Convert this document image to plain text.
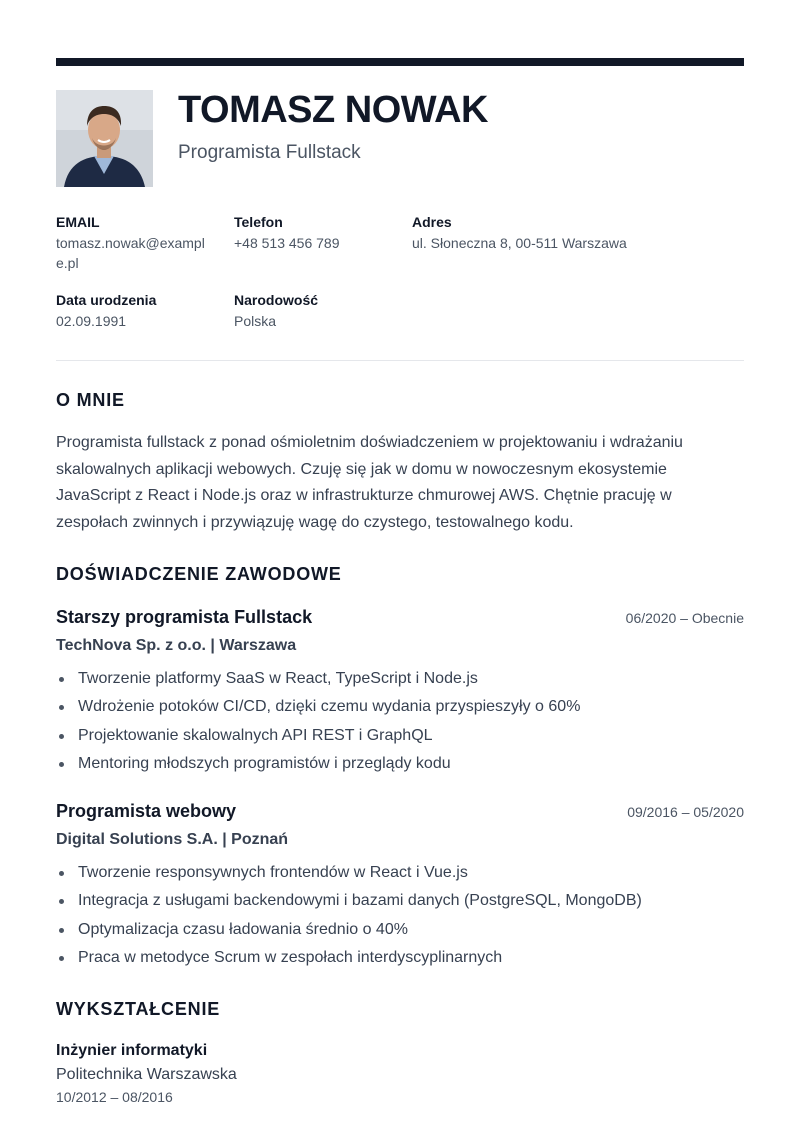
TOMASZ NOWAK
Programista Fullstack
EMAIL
tomasz.nowak@example.pl
Telefon
+48 513 456 789
Adres
ul. Słoneczna 8, 00-511 Warszawa
Data urodzenia
02.09.1991
Narodowość
Polska
O MNIE
Programista fullstack z ponad ośmioletnim doświadczeniem w projektowaniu i wdrażaniu skalowalnych aplikacji webowych. Czuję się jak w domu w nowoczesnym ekosystemie JavaScript z React i Node.js oraz w infrastrukturze chmurowej AWS. Chętnie pracuję w zespołach zwinnych i przywiązuję wagę do czystego, testowalnego kodu.
DOŚWIADCZENIE ZAWODOWE
Starszy programista Fullstack	06/2020 – Obecnie
TechNova Sp. z o.o. | Warszawa
Tworzenie platformy SaaS w React, TypeScript i Node.js
Wdrożenie potoków CI/CD, dzięki czemu wydania przyspieszyły o 60%
Projektowanie skalowalnych API REST i GraphQL
Mentoring młodszych programistów i przeglądy kodu
Programista webowy	09/2016 – 05/2020
Digital Solutions S.A. | Poznań
Tworzenie responsywnych frontendów w React i Vue.js
Integracja z usługami backendowymi i bazami danych (PostgreSQL, MongoDB)
Optymalizacja czasu ładowania średnio o 40%
Praca w metodyce Scrum w zespołach interdyscyplinarnych
WYKSZTAŁCENIE
Inżynier informatyki
Politechnika Warszawska
10/2012 – 08/2016
